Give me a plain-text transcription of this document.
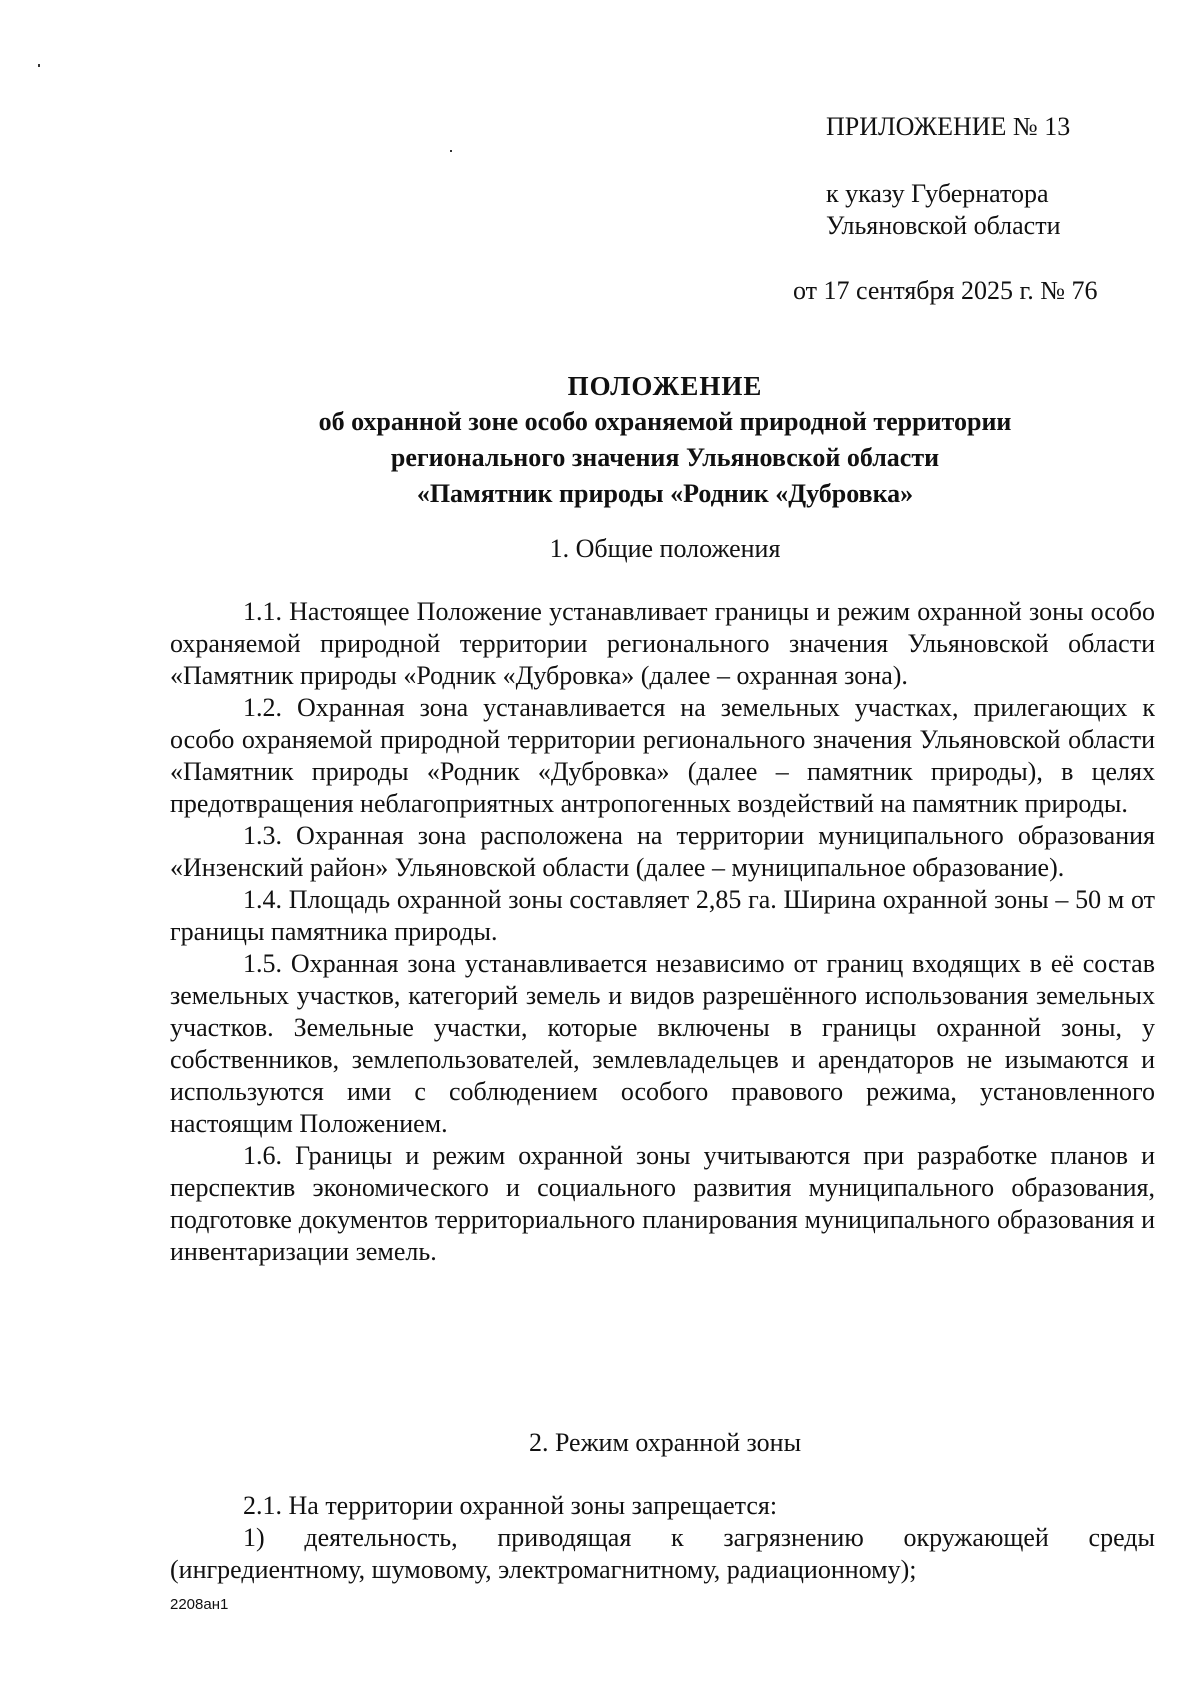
ПРИЛОЖЕНИЕ № 13
к указу Губернатора
Ульяновской области
от 17 сентября 2025 г. № 76
ПОЛОЖЕНИЕ
об охранной зоне особо охраняемой природной территории
регионального значения Ульяновской области
«Памятник природы «Родник «Дубровка»
1. Общие положения

1.1. Настоящее Положение устанавливает границы и режим охранной зоны особо охраняемой природной территории регионального значения Ульяновской области «Памятник природы «Родник «Дубровка» (далее – охранная зона).

1.2. Охранная зона устанавливается на земельных участках, прилегающих к особо охраняемой природной территории регионального значения Ульяновской области «Памятник природы «Родник «Дубровка» (далее – памятник природы), в целях предотвращения неблагоприятных антропогенных воздействий на памятник природы.

1.3. Охранная зона расположена на территории муниципального образования «Инзенский район» Ульяновской области (далее – муниципальное образование).

1.4. Площадь охранной зоны составляет 2,85 га. Ширина охранной зоны – 50 м от границы памятника природы.

1.5. Охранная зона устанавливается независимо от границ входящих в её состав земельных участков, категорий земель и видов разрешённого использования земельных участков. Земельные участки, которые включены в границы охранной зоны, у собственников, землепользователей, землевладельцев и арендаторов не изымаются и используются ими с соблюдением особого правового режима, установленного настоящим Положением.

1.6. Границы и режим охранной зоны учитываются при разработке планов и перспектив экономического и социального развития муниципального образования, подготовке документов территориального планирования муниципального образования и инвентаризации земель.

2. Режим охранной зоны

2.1. На территории охранной зоны запрещается:

1) деятельность, приводящая к загрязнению окружающей среды (ингредиентному, шумовому, электромагнитному, радиационному);

2208ан1
